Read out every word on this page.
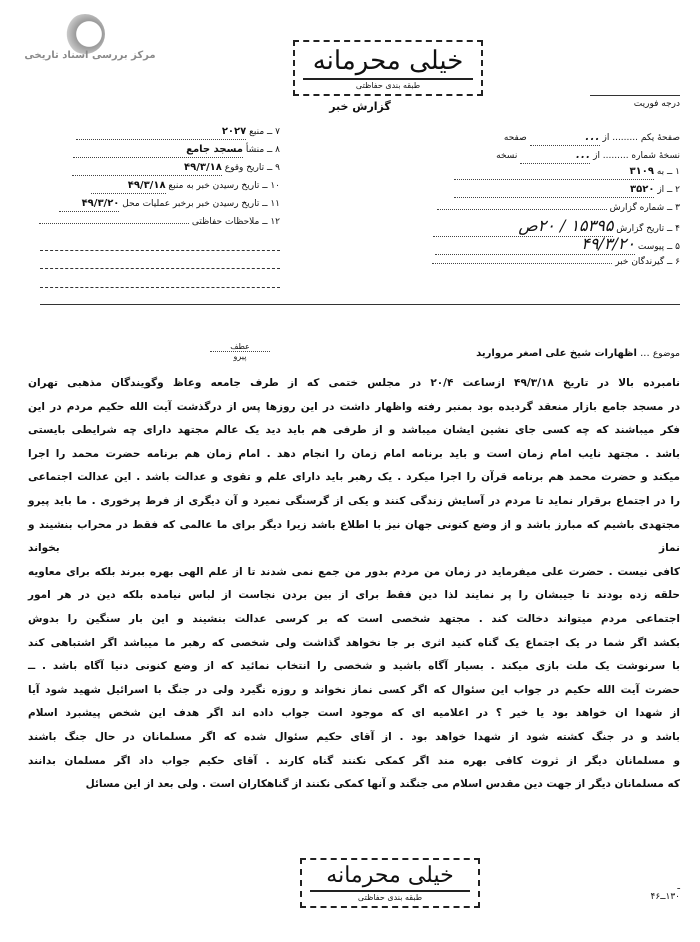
مرکز بررسی اسناد تاریخی	خیلی محرمانه
طبقه بندی حفاظتی
درجه فوریت
گزارش خبر
صفحهٔ یکم ......... از ... صفحه
نسخهٔ شماره ......... از ... نسخه
۱ ــ به ۳۱۰۹
۲ ــ از ۳۵۲۰
۳ ــ شماره گزارش
۴ ــ تاریخ گزارش ۱۵۳۹۵ / ۲۰ص
۵ ــ پیوست ۴۹/۳/۲۰
۶ ــ گیرندگان خبر
۷ ــ منبع ۲۰۲۷
۸ ــ منشأ مسجد جامع
۹ ــ تاریخ وقوع ۴۹/۳/۱۸
۱۰ ــ تاریخ رسیدن خبر به منبع ۴۹/۳/۱۸
۱۱ ــ تاریخ رسیدن خبر برخبر عملیات محل ۴۹/۳/۲۰
۱۲ ــ ملاحظات حفاظتی
عطف
پیرو	موضوع ... اظهارات شیخ علی اصغر مروارید

نامبرده بالا در تاریخ ۴۹/۳/۱۸ ازساعت ۲۰/۴ در مجلس ختمی که از طرف جامعه وعاظ وگویندگان مذهبی تهران

در مسجد جامع بازار منعقد گردیده بود بمنبر رفته واظهار داشت در این روزها پس از درگذشت آیت الله حکیم مردم در این

فکر میباشند که چه کسی جای نشین ایشان میباشد و از طرفی هم باید دید یک عالم مجتهد دارای چه شرایطی بایستی

باشد . مجتهد نایب امام زمان است و باید برنامه امام زمان را انجام دهد . امام زمان هم برنامه حضرت محمد را اجرا

میکند و حضرت محمد هم برنامه قرآن را اجرا میکرد . یک رهبر باید دارای علم و تقوی و عدالت باشد . این عدالت اجتماعی

را در اجتماع برقرار نماید تا مردم در آسایش زندگی کنند و یکی از گرسنگی نمیرد و آن دیگری از فرط پرخوری . ما باید پیرو

مجتهدی باشیم که مبارز باشد و از وضع کنونی جهان نیز با اطلاع باشد زیرا دیگر برای ما عالمی که فقط در محراب بنشیند و نماز بخواند

کافی نیست . حضرت علی میفرماید در زمان من مردم بدور من جمع نمی شدند تا از علم الهی بهره ببرند بلکه برای معاویه

حلقه زده بودند تا جیبشان را پر نمایند لذا دین فقط برای از بین بردن نجاست از لباس نیامده بلکه دین در هر امور

اجتماعی مردم میتواند دخالت کند . مجتهد شخصی است که بر کرسی عدالت بنشیند و این بار سنگین را بدوش

بکشد اگر شما در یک اجتماع یک گناه کنید اثری بر جا نخواهد گذاشت ولی شخصی که رهبر ما میباشد اگر اشتباهی کند

با سرنوشت یک ملت بازی میکند . بسیار آگاه باشید و شخصی را انتخاب نمائید که از وضع کنونی دنیا آگاه باشد . ــ

حضرت آیت الله حکیم در جواب این سئوال که اگر کسی نماز نخواند و روزه نگیرد ولی در جنگ با اسرائیل شهید شود آیا

از شهدا ان خواهد بود یا خیر ؟ در اعلامیه ای که موجود است جواب داده اند اگر هدف این شخص پیشبرد اسلام

باشد و در جنگ کشته شود از شهدا خواهد بود . از آقای حکیم سئوال شده که اگر مسلمانان در حال جنگ باشند

و مسلمانان دیگر از ثروت کافی بهره مند اگر کمکی نکنند گناه کارند . آقای حکیم جواب داد اگر مسلمان بدانند

که مسلمانان دیگر از جهت دین مقدس اسلام می جنگند و آنها کمکی نکنند از گناهکاران است . ولی بعد از این مسائل

خیلی محرمانه
طبقه بندی حفاظتی
ـ
۱۳۰ــ۴۶
